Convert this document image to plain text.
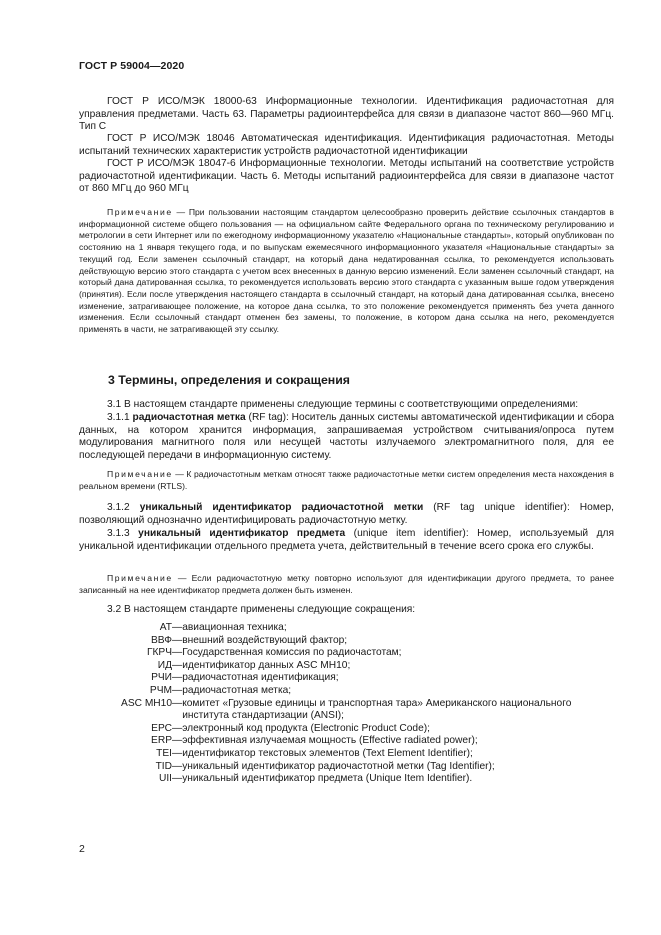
ГОСТ Р 59004—2020

ГОСТ Р ИСО/МЭК 18000-63 Информационные технологии. Идентификация радиочастотная для управления предметами. Часть 63. Параметры радиоинтерфейса для связи в диапазоне частот 860—960 МГц. Тип С

ГОСТ Р ИСО/МЭК 18046 Автоматическая идентификация. Идентификация радиочастотная. Методы испытаний технических характеристик устройств радиочастотной идентификации

ГОСТ Р ИСО/МЭК 18047-6 Информационные технологии. Методы испытаний на соответствие устройств радиочастотной идентификации. Часть 6. Методы испытаний радиоинтерфейса для связи в диапазоне частот от 860 МГц до 960 МГц

Примечание — При пользовании настоящим стандартом целесообразно проверить действие ссылочных стандартов в информационной системе общего пользования — на официальном сайте Федерального органа по техническому регулированию и метрологии в сети Интернет или по ежегодному информационному указателю «Национальные стандарты», который опубликован по состоянию на 1 января текущего года, и по выпускам ежемесячного информационного указателя «Национальные стандарты» за текущий год. Если заменен ссылочный стандарт, на который дана недатированная ссылка, то рекомендуется использовать действующую версию этого стандарта с учетом всех внесенных в данную версию изменений. Если заменен ссылочный стандарт, на который дана датированная ссылка, то рекомендуется использовать версию этого стандарта с указанным выше годом утверждения (принятия). Если после утверждения настоящего стандарта в ссылочный стандарт, на который дана датированная ссылка, внесено изменение, затрагивающее положение, на которое дана ссылка, то это положение рекомендуется применять без учета данного изменения. Если ссылочный стандарт отменен без замены, то положение, в котором дана ссылка на него, рекомендуется применять в части, не затрагивающей эту ссылку.

3 Термины, определения и сокращения

3.1 В настоящем стандарте применены следующие термины с соответствующими определениями:

3.1.1 радиочастотная метка (RF tag): Носитель данных системы автоматической идентификации и сбора данных, на котором хранится информация, запрашиваемая устройством считывания/опроса путем модулирования магнитного поля или несущей частоты излучаемого электромагнитного поля, для ее последующей передачи в информационную систему.

Примечание — К радиочастотным меткам относят также радиочастотные метки систем определения места нахождения в реальном времени (RTLS).

3.1.2 уникальный идентификатор радиочастотной метки (RF tag unique identifier): Номер, позволяющий однозначно идентифицировать радиочастотную метку.

3.1.3 уникальный идентификатор предмета (unique item identifier): Номер, используемый для уникальной идентификации отдельного предмета учета, действительный в течение всего срока его службы.

Примечание — Если радиочастотную метку повторно используют для идентификации другого предмета, то ранее записанный на нее идентификатор предмета должен быть изменен.

3.2 В настоящем стандарте применены следующие сокращения:

АТ — авиационная техника;
ВВФ — внешний воздействующий фактор;
ГКРЧ — Государственная комиссия по радиочастотам;
ИД — идентификатор данных ASC МН10;
РЧИ — радиочастотная идентификация;
РЧМ — радиочастотная метка;
ASC МН10 — комитет «Грузовые единицы и транспортная тара» Американского национального института стандартизации (ANSI);
ЕРС — электронный код продукта (Electronic Product Code);
ERP — эффективная излучаемая мощность (Effective radiated power);
TEI — идентификатор текстовых элементов (Text Element Identifier);
TID — уникальный идентификатор радиочастотной метки (Tag Identifier);
UII — уникальный идентификатор предмета (Unique Item Identifier).
2
